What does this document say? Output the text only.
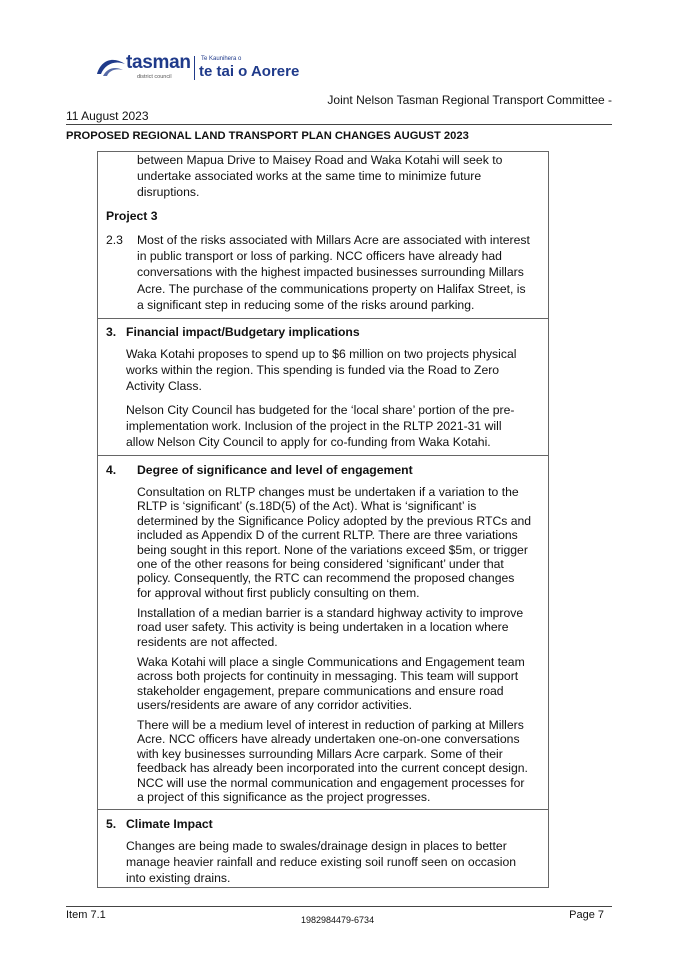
tasman
district council
Te Kaunihera o
te tai o Aorere
Joint Nelson Tasman Regional Transport Committee -
11 August 2023
PROPOSED REGIONAL LAND TRANSPORT PLAN CHANGES AUGUST 2023
between Mapua Drive to Maisey Road and Waka Kotahi will seek to
undertake associated works at the same time to minimize future
disruptions.
Project 3
2.3 Most of the risks associated with Millars Acre are associated with interest
in public transport or loss of parking. NCC officers have already had
conversations with the highest impacted businesses surrounding Millars
Acre. The purchase of the communications property on Halifax Street, is
a significant step in reducing some of the risks around parking.
3. Financial impact/Budgetary implications
Waka Kotahi proposes to spend up to $6 million on two projects physical
works within the region. This spending is funded via the Road to Zero
Activity Class.
Nelson City Council has budgeted for the ‘local share’ portion of the pre-
implementation work. Inclusion of the project in the RLTP 2021-31 will
allow Nelson City Council to apply for co-funding from Waka Kotahi.
4. Degree of significance and level of engagement
Consultation on RLTP changes must be undertaken if a variation to the
RLTP is ‘significant’ (s.18D(5) of the Act). What is ‘significant’ is
determined by the Significance Policy adopted by the previous RTCs and
included as Appendix D of the current RLTP. There are three variations
being sought in this report. None of the variations exceed $5m, or trigger
one of the other reasons for being considered ‘significant’ under that
policy. Consequently, the RTC can recommend the proposed changes
for approval without first publicly consulting on them.
Installation of a median barrier is a standard highway activity to improve
road user safety. This activity is being undertaken in a location where
residents are not affected.
Waka Kotahi will place a single Communications and Engagement team
across both projects for continuity in messaging. This team will support
stakeholder engagement, prepare communications and ensure road
users/residents are aware of any corridor activities.
There will be a medium level of interest in reduction of parking at Millers
Acre. NCC officers have already undertaken one-on-one conversations
with key businesses surrounding Millars Acre carpark. Some of their
feedback has already been incorporated into the current concept design.
NCC will use the normal communication and engagement processes for
a project of this significance as the project progresses.
5. Climate Impact
Changes are being made to swales/drainage design in places to better
manage heavier rainfall and reduce existing soil runoff seen on occasion
into existing drains.
Item 7.1	1982984479-6734	Page 7
